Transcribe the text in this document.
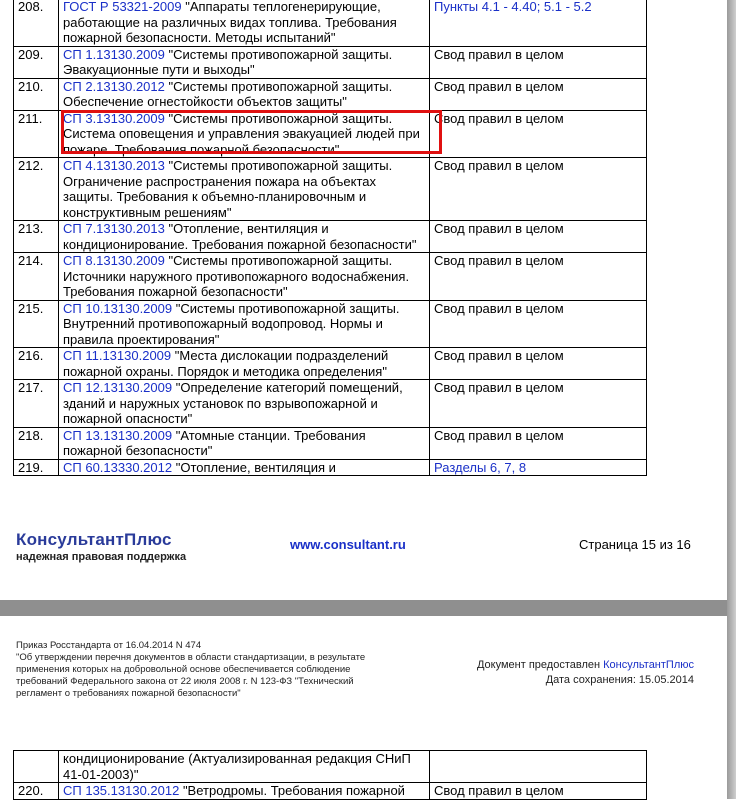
208.	ГОСТ Р 53321-2009 "Аппараты теплогенерирующие, работающие на различных видах топлива. Требования пожарной безопасности. Методы испытаний"	Пункты 4.1 - 4.40; 5.1 - 5.2
209.	СП 1.13130.2009 "Системы противопожарной защиты. Эвакуационные пути и выходы"	Свод правил в целом
210.	СП 2.13130.2012 "Системы противопожарной защиты. Обеспечение огнестойкости объектов защиты"	Свод правил в целом
211.	СП 3.13130.2009 "Системы противопожарной защиты. Система оповещения и управления эвакуацией людей при пожаре. Требования пожарной безопасности"	Свод правил в целом
212.	СП 4.13130.2013 "Системы противопожарной защиты. Ограничение распространения пожара на объектах защиты. Требования к объемно-планировочным и конструктивным решениям"	Свод правил в целом
213.	СП 7.13130.2013 "Отопление, вентиляция и кондиционирование. Требования пожарной безопасности"	Свод правил в целом
214.	СП 8.13130.2009 "Системы противопожарной защиты. Источники наружного противопожарного водоснабжения. Требования пожарной безопасности"	Свод правил в целом
215.	СП 10.13130.2009 "Системы противопожарной защиты. Внутренний противопожарный водопровод. Нормы и правила проектирования"	Свод правил в целом
216.	СП 11.13130.2009 "Места дислокации подразделений пожарной охраны. Порядок и методика определения"	Свод правил в целом
217.	СП 12.13130.2009 "Определение категорий помещений, зданий и наружных установок по взрывопожарной и пожарной опасности"	Свод правил в целом
218.	СП 13.13130.2009 "Атомные станции. Требования пожарной безопасности"	Свод правил в целом
219.	СП 60.13330.2012 "Отопление, вентиляция и	Разделы 6, 7, 8
КонсультантПлюс
надежная правовая поддержка
www.consultant.ru	Страница 15 из 16
Приказ Росстандарта от 16.04.2014 N 474
"Об утверждении перечня документов в области стандартизации, в результате применения которых на добровольной основе обеспечивается соблюдение требований Федерального закона от 22 июля 2008 г. N 123-ФЗ "Технический регламент о требованиях пожарной безопасности"
Документ предоставлен КонсультантПлюс
Дата сохранения: 15.05.2014
	кондиционирование (Актуализированная редакция СНиП 41-01-2003)"	
220.	СП 135.13130.2012 "Ветродромы. Требования пожарной	Свод правил в целом
